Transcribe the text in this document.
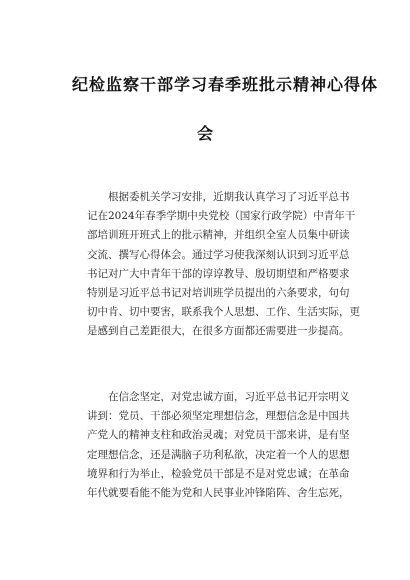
纪检监察干部学习春季班批示精神心得体
会
根据委机关学习安排，近期我认真学习了习近平总书
记在2024年春季学期中央党校（国家行政学院）中青年干
部培训班开班式上的批示精神，并组织全室人员集中研读
交流、撰写心得体会。通过学习使我深刻认识到习近平总
书记对广大中青年干部的谆谆教导、殷切期望和严格要求
特别是习近平总书记对培训班学员提出的六条要求，句句
切中肯、切中要害，联系我个人思想、工作、生活实际，更
是感到自己差距很大，在很多方面都还需要进一步提高。
在信念坚定，对党忠诚方面，习近平总书记开宗明义
讲到：党员、干部必须坚定理想信念，理想信念是中国共
产党人的精神支柱和政治灵魂；对党员干部来讲，是有坚
定理想信念，还是满脑子功利私欲，决定着一个人的思想
境界和行为举止，检验党员干部是不是对党忠诚；在革命
年代就要看能不能为党和人民事业冲锋陷阵、舍生忘死，
